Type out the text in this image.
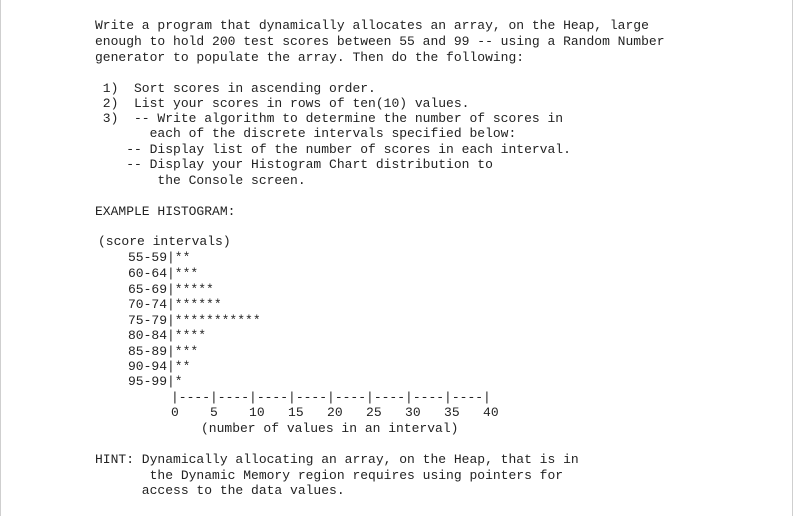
Write a program that dynamically allocates an array, on the Heap, large
enough to hold 200 test scores between 55 and 99 -- using a Random Number
generator to populate the array. Then do the following:
1)  Sort scores in ascending order.
2)  List your scores in rows of ten(10) values.
3)  -- Write algorithm to determine the number of scores in
each of the discrete intervals specified below:
-- Display list of the number of scores in each interval.
-- Display your Histogram Chart distribution to
the Console screen.
EXAMPLE HISTOGRAM:
(score intervals)
55-59|**
60-64|***
65-69|*****
70-74|******
75-79|***********
80-84|****
85-89|***
90-94|**
95-99|*
|----|----|----|----|----|----|----|----|
0    5    10   15   20   25   30   35   40
(number of values in an interval)
HINT: Dynamically allocating an array, on the Heap, that is in
the Dynamic Memory region requires using pointers for
access to the data values.
